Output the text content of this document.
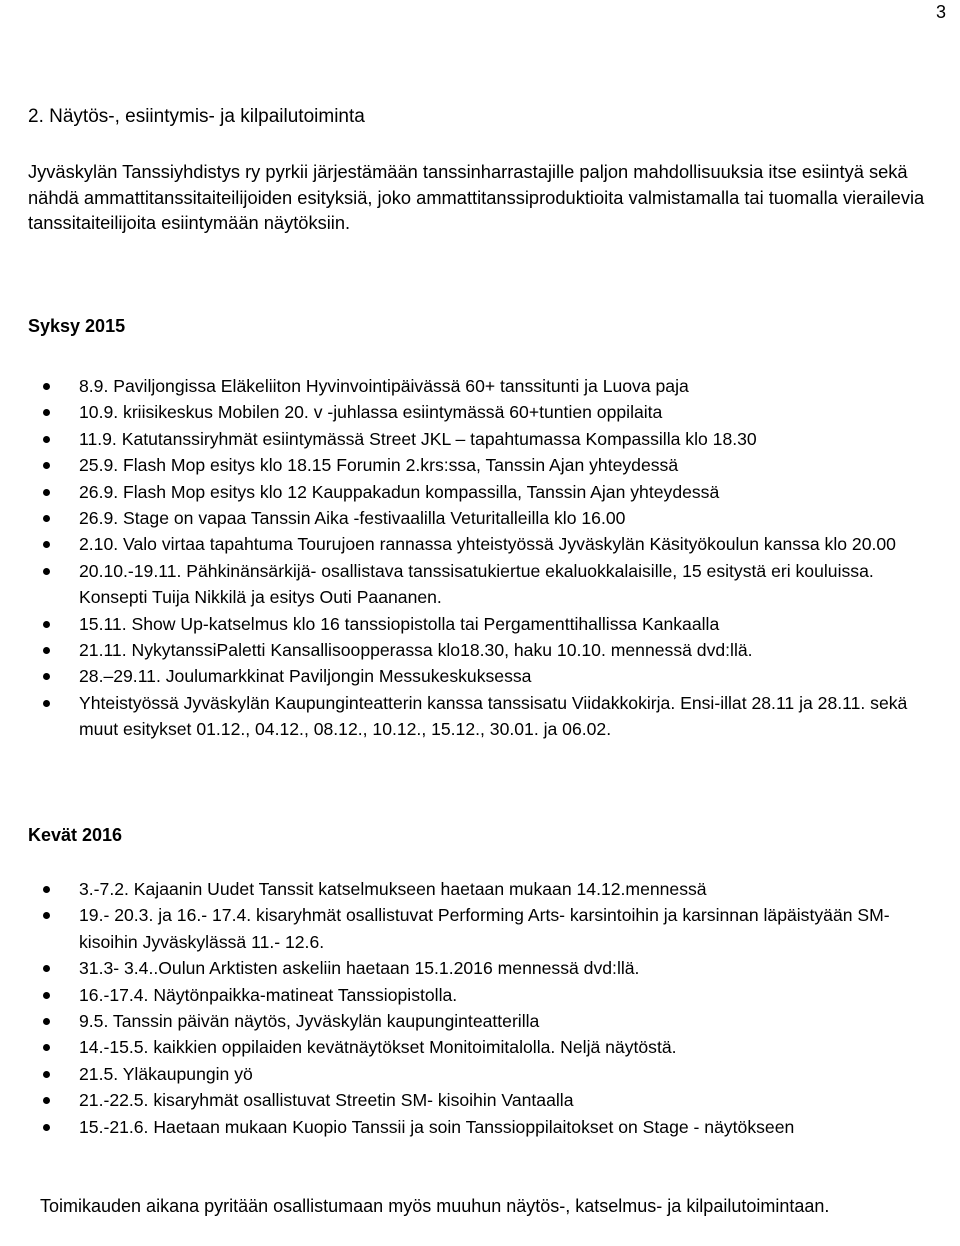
3
2. Näytös-, esiintymis- ja kilpailutoiminta

Jyväskylän Tanssiyhdistys ry pyrkii järjestämään tanssinharrastajille paljon mahdollisuuksia itse esiintyä sekä nähdä ammattitanssitaiteilijoiden esityksiä, joko ammattitanssiproduktioita valmistamalla tai tuomalla vierailevia tanssitaiteilijoita esiintymään näytöksiin.

Syksy 2015
8.9. Paviljongissa Eläkeliiton Hyvinvointipäivässä 60+ tanssitunti ja Luova paja
10.9. kriisikeskus Mobilen 20. v -juhlassa esiintymässä 60+tuntien oppilaita
11.9. Katutanssiryhmät esiintymässä Street JKL – tapahtumassa Kompassilla klo 18.30
25.9. Flash Mop esitys klo 18.15 Forumin 2.krs:ssa, Tanssin Ajan yhteydessä
26.9. Flash Mop esitys klo 12 Kauppakadun kompassilla, Tanssin Ajan yhteydessä
26.9. Stage on vapaa Tanssin Aika -festivaalilla Veturitalleilla klo 16.00
2.10. Valo virtaa tapahtuma Tourujoen rannassa yhteistyössä Jyväskylän Käsityökoulun kanssa klo 20.00
20.10.-19.11. Pähkinänsärkijä- osallistava tanssisatukiertue ekaluokkalaisille, 15 esitystä eri kouluissa. Konsepti Tuija Nikkilä ja esitys Outi Paananen.
15.11. Show Up-katselmus klo 16 tanssiopistolla tai Pergamenttihallissa Kankaalla
21.11. NykytanssiPaletti Kansallisoopperassa klo18.30, haku 10.10. mennessä dvd:llä.
28.–29.11. Joulumarkkinat Paviljongin Messukeskuksessa
Yhteistyössä Jyväskylän Kaupunginteatterin kanssa tanssisatu Viidakkokirja. Ensi-illat 28.11 ja 28.11. sekä muut esitykset 01.12., 04.12., 08.12., 10.12., 15.12., 30.01. ja 06.02.
Kevät 2016
3.-7.2. Kajaanin Uudet Tanssit katselmukseen haetaan mukaan 14.12.mennessä
19.- 20.3. ja 16.- 17.4. kisaryhmät osallistuvat Performing Arts- karsintoihin ja karsinnan läpäistyään SM- kisoihin Jyväskylässä 11.- 12.6.
31.3- 3.4..Oulun Arktisten askeliin haetaan 15.1.2016 mennessä dvd:llä.
16.-17.4. Näytönpaikka-matineat Tanssiopistolla.
9.5. Tanssin päivän näytös, Jyväskylän kaupunginteatterilla
14.-15.5. kaikkien oppilaiden kevätnäytökset Monitoimitalolla. Neljä näytöstä.
21.5. Yläkaupungin yö
21.-22.5. kisaryhmät osallistuvat Streetin SM- kisoihin Vantaalla
15.-21.6. Haetaan mukaan Kuopio Tanssii ja soin Tanssioppilaitokset on Stage - näytökseen

Toimikauden aikana pyritään osallistumaan myös muuhun näytös-, katselmus- ja kilpailutoimintaan.
